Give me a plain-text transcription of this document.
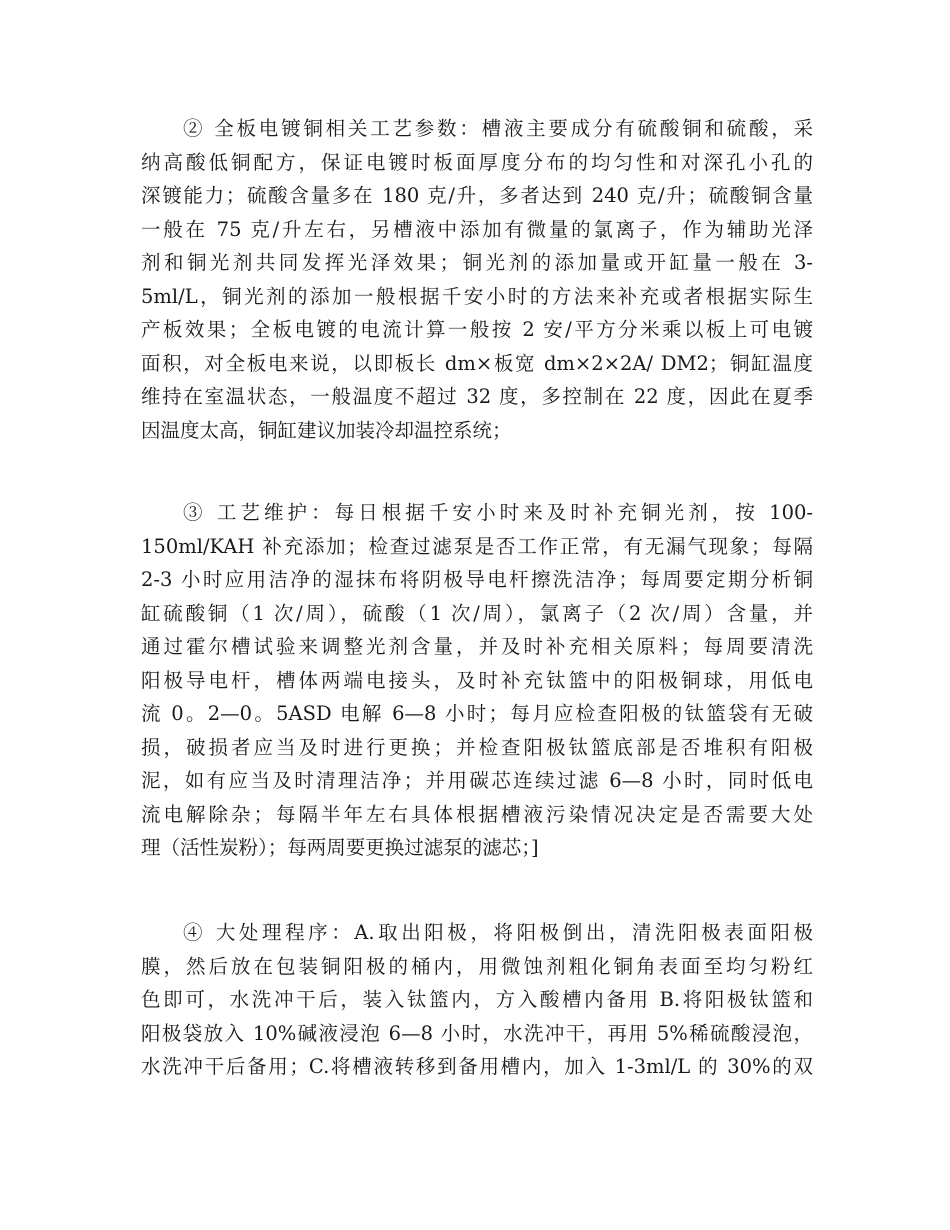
② 全板电镀铜相关工艺参数：槽液主要成分有硫酸铜和硫酸，采
纳高酸低铜配方，保证电镀时板面厚度分布的均匀性和对深孔小孔的
深镀能力；硫酸含量多在 180 克/升，多者达到 240 克/升；硫酸铜含量
一般在 75 克/升左右，另槽液中添加有微量的氯离子，作为辅助光泽
剂和铜光剂共同发挥光泽效果；铜光剂的添加量或开缸量一般在 3-
5ml/L，铜光剂的添加一般根据千安小时的方法来补充或者根据实际生
产板效果；全板电镀的电流计算一般按 2 安/平方分米乘以板上可电镀
面积，对全板电来说，以即板长 dm×板宽 dm×2×2A/ DM2；铜缸温度
维持在室温状态，一般温度不超过 32 度，多控制在 22 度，因此在夏季
因温度太高，铜缸建议加装冷却温控系统；
③ 工艺维护：每日根据千安小时来及时补充铜光剂，按 100-
150ml/KAH 补充添加；检查过滤泵是否工作正常，有无漏气现象；每隔
2-3 小时应用洁净的湿抹布将阴极导电杆擦洗洁净；每周要定期分析铜
缸硫酸铜（1 次/周），硫酸（1 次/周），氯离子（2 次/周）含量，并
通过霍尔槽试验来调整光剂含量，并及时补充相关原料；每周要清洗
阳极导电杆，槽体两端电接头，及时补充钛篮中的阳极铜球，用低电
流 0。2—0。5ASD 电解 6—8 小时；每月应检查阳极的钛篮袋有无破
损，破损者应当及时进行更换；并检查阳极钛篮底部是否堆积有阳极
泥，如有应当及时清理洁净；并用碳芯连续过滤 6—8 小时，同时低电
流电解除杂；每隔半年左右具体根据槽液污染情况决定是否需要大处
理（活性炭粉）；每两周要更换过滤泵的滤芯；]
④ 大处理程序：A.取出阳极，将阳极倒出，清洗阳极表面阳极
膜，然后放在包装铜阳极的桶内，用微蚀剂粗化铜角表面至均匀粉红
色即可，水洗冲干后，装入钛篮内，方入酸槽内备用 B.将阳极钛篮和
阳极袋放入 10%碱液浸泡 6—8 小时，水洗冲干，再用 5%稀硫酸浸泡，
水洗冲干后备用；C.将槽液转移到备用槽内，加入 1-3ml/L 的 30%的双
